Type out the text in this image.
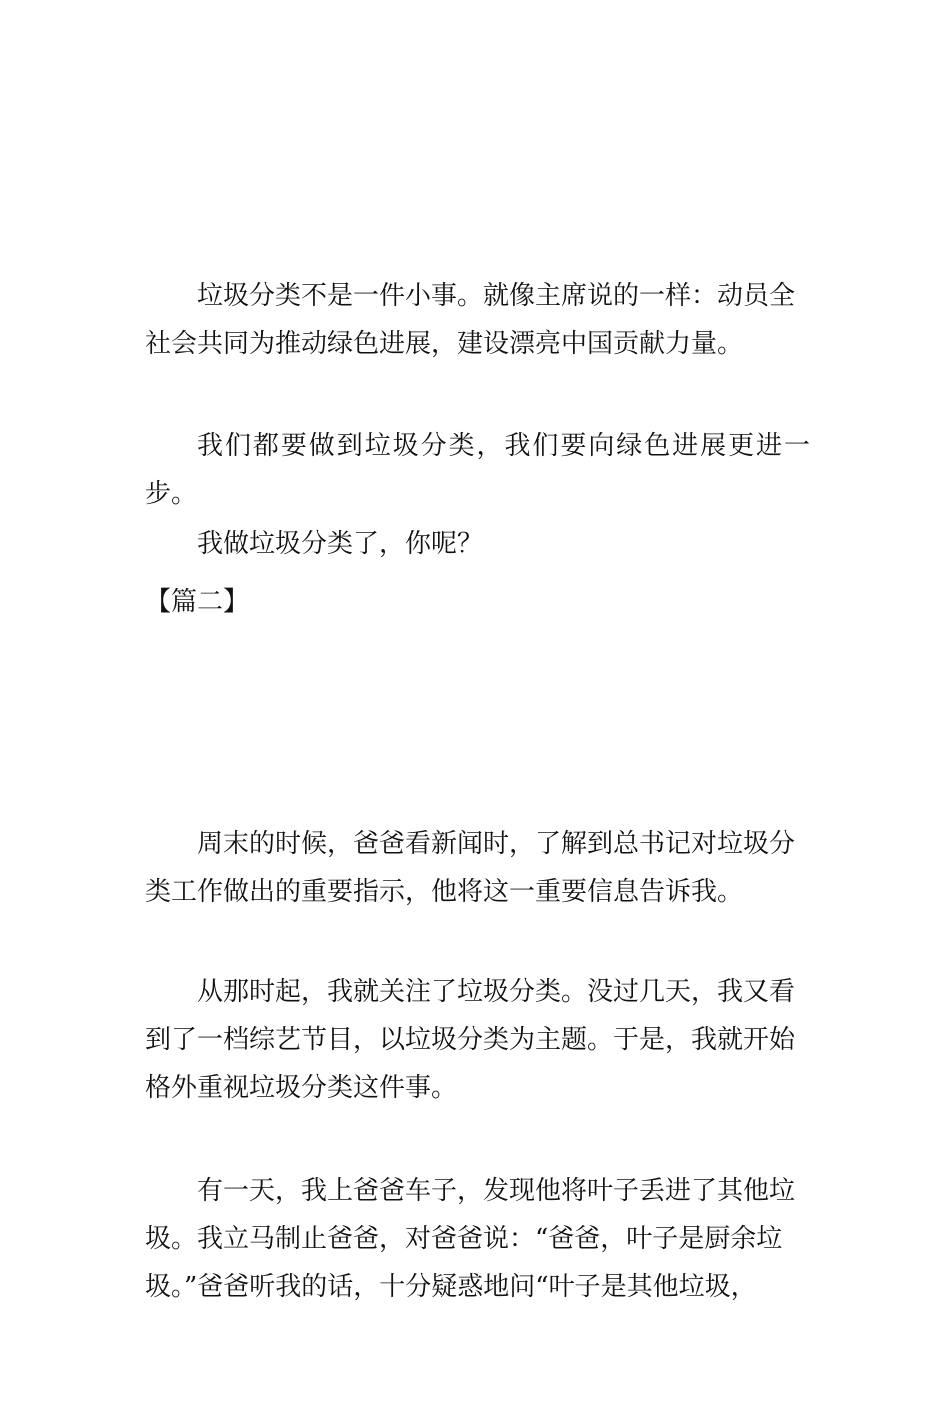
垃圾分类不是一件小事。就像主席说的一样：动员全
社会共同为推动绿色进展，建设漂亮中国贡献力量。

我们都要做到垃圾分类，我们要向绿色进展更进一步。

我做垃圾分类了，你呢？

【篇二】

周末的时候，爸爸看新闻时，了解到总书记对垃圾分
类工作做出的重要指示，他将这一重要信息告诉我。

从那时起，我就关注了垃圾分类。没过几天，我又看
到了一档综艺节目，以垃圾分类为主题。于是，我就开始
格外重视垃圾分类这件事。

有一天，我上爸爸车子，发现他将叶子丢进了其他垃
圾。我立马制止爸爸，对爸爸说：“爸爸，叶子是厨余垃
圾。”爸爸听我的话，十分疑惑地问“叶子是其他垃圾，
